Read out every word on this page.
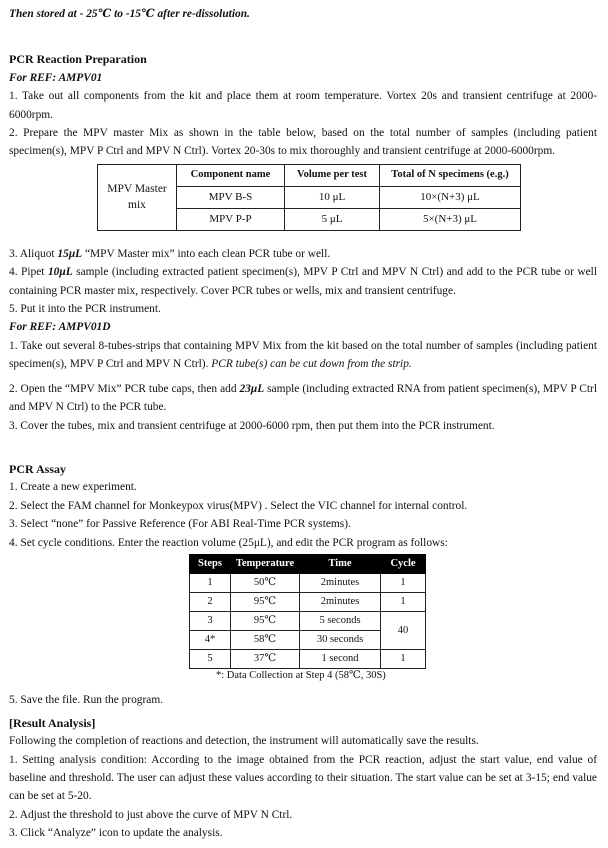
Then stored at - 25℃ to -15℃ after re-dissolution.

PCR Reaction Preparation

For REF: AMPV01

1. Take out all components from the kit and place them at room temperature. Vortex 20s and transient centrifuge at 2000-6000rpm.

2. Prepare the MPV master Mix as shown in the table below, based on the total number of samples (including patient specimen(s), MPV P Ctrl and MPV N Ctrl). Vortex 20-30s to mix thoroughly and transient centrifuge at 2000-6000rpm.

MPV Master mix	Component name	Volume per test	Total of N specimens (e.g.)
	MPV B-S	10 μL	10×(N+3) μL
	MPV P-P	5 μL	5×(N+3) μL

3. Aliquot 15μL “MPV Master mix” into each clean PCR tube or well.

4. Pipet 10μL sample (including extracted patient specimen(s), MPV P Ctrl and MPV N Ctrl) and add to the PCR tube or well containing PCR master mix, respectively. Cover PCR tubes or wells, mix and transient centrifuge.

5. Put it into the PCR instrument.

For REF: AMPV01D

1. Take out several 8-tubes-strips that containing MPV Mix from the kit based on the total number of samples (including patient specimen(s), MPV P Ctrl and MPV N Ctrl). PCR tube(s) can be cut down from the strip.

2. Open the “MPV Mix” PCR tube caps, then add 23μL sample (including extracted RNA from patient specimen(s), MPV P Ctrl and MPV N Ctrl) to the PCR tube.

3. Cover the tubes, mix and transient centrifuge at 2000-6000 rpm, then put them into the PCR instrument.

PCR Assay

1. Create a new experiment.

2. Select the FAM channel for Monkeypox virus(MPV) . Select the VIC channel for internal control.

3. Select “none” for Passive Reference (For ABI Real-Time PCR systems).

4. Set cycle conditions. Enter the reaction volume (25μL), and edit the PCR program as follows:

Steps	Temperature	Time	Cycle
1	50℃	2minutes	1
2	95℃	2minutes	1
3	95℃	5 seconds	40
4*	58℃	30 seconds	
5	37℃	1 second	1

*: Data Collection at Step 4 (58℃, 30S)

5. Save the file. Run the program.

[Result Analysis]

Following the completion of reactions and detection, the instrument will automatically save the results.

1. Setting analysis condition: According to the image obtained from the PCR reaction, adjust the start value, end value of baseline and threshold. The user can adjust these values according to their situation. The start value can be set at 3-15; end value can be set at 5-20.

2. Adjust the threshold to just above the curve of MPV N Ctrl.

3. Click “Analyze” icon to update the analysis.
